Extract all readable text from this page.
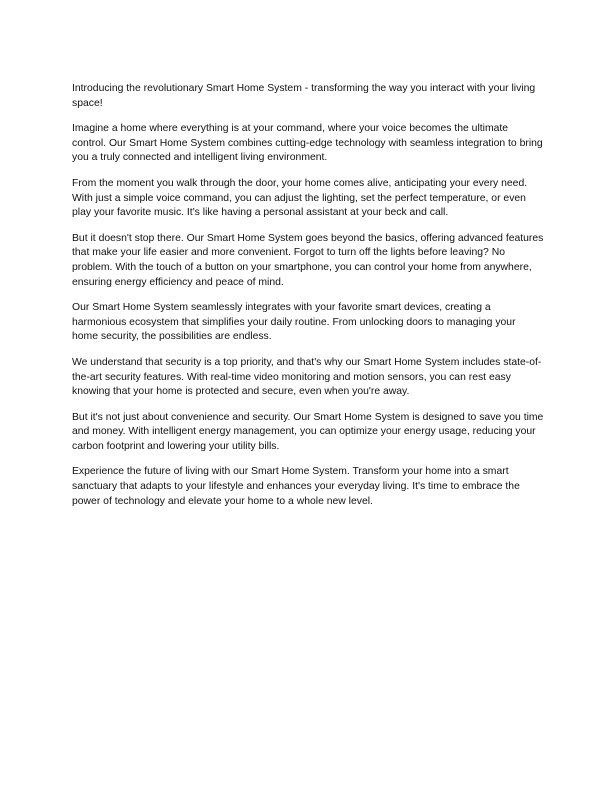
Introducing the revolutionary Smart Home System - transforming the way you interact with your living space!

Imagine a home where everything is at your command, where your voice becomes the ultimate control. Our Smart Home System combines cutting-edge technology with seamless integration to bring you a truly connected and intelligent living environment.

From the moment you walk through the door, your home comes alive, anticipating your every need. With just a simple voice command, you can adjust the lighting, set the perfect temperature, or even play your favorite music. It's like having a personal assistant at your beck and call.

But it doesn't stop there. Our Smart Home System goes beyond the basics, offering advanced features that make your life easier and more convenient. Forgot to turn off the lights before leaving? No problem. With the touch of a button on your smartphone, you can control your home from anywhere, ensuring energy efficiency and peace of mind.

Our Smart Home System seamlessly integrates with your favorite smart devices, creating a harmonious ecosystem that simplifies your daily routine. From unlocking doors to managing your home security, the possibilities are endless.

We understand that security is a top priority, and that's why our Smart Home System includes state-of-the-art security features. With real-time video monitoring and motion sensors, you can rest easy knowing that your home is protected and secure, even when you're away.

But it's not just about convenience and security. Our Smart Home System is designed to save you time and money. With intelligent energy management, you can optimize your energy usage, reducing your carbon footprint and lowering your utility bills.

Experience the future of living with our Smart Home System. Transform your home into a smart sanctuary that adapts to your lifestyle and enhances your everyday living. It's time to embrace the power of technology and elevate your home to a whole new level.
